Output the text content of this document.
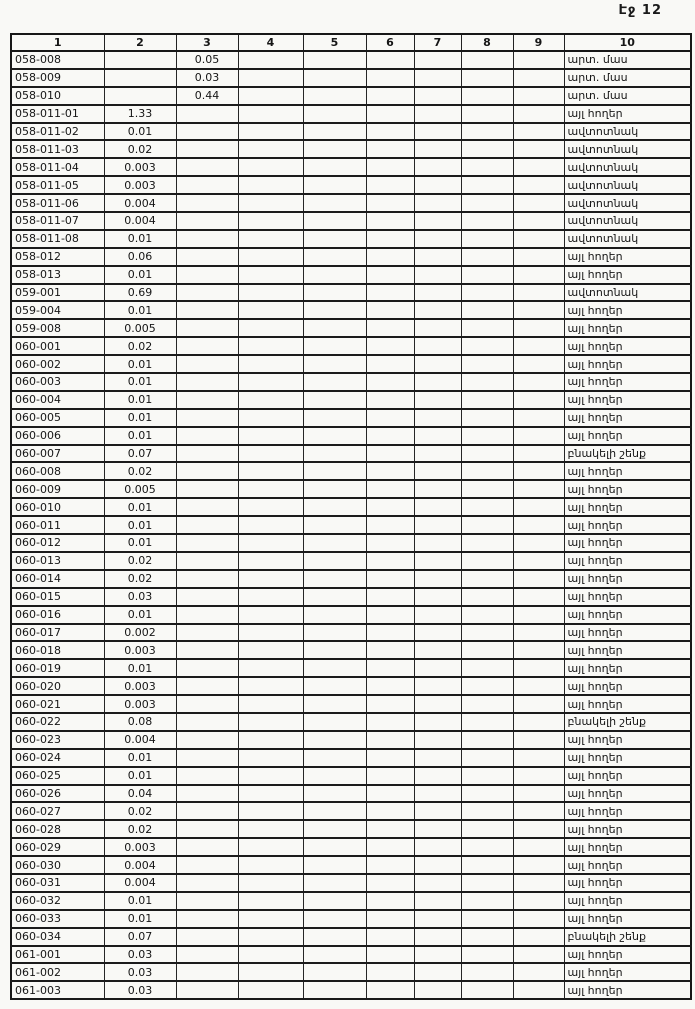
Էջ 12
1	2	3	4	5	6	7	8	9	10
058-008		0.05							արտ. մաս
058-009		0.03							արտ. մաս
058-010		0.44							արտ. մաս
058-011-01	1.33								այլ հողեր
058-011-02	0.01								ավտոտնակ
058-011-03	0.02								ավտոտնակ
058-011-04	0.003								ավտոտնակ
058-011-05	0.003								ավտոտնակ
058-011-06	0.004								ավտոտնակ
058-011-07	0.004								ավտոտնակ
058-011-08	0.01								ավտոտնակ
058-012	0.06								այլ հողեր
058-013	0.01								այլ հողեր
059-001	0.69								ավտոտնակ
059-004	0.01								այլ հողեր
059-008	0.005								այլ հողեր
060-001	0.02								այլ հողեր
060-002	0.01								այլ հողեր
060-003	0.01								այլ հողեր
060-004	0.01								այլ հողեր
060-005	0.01								այլ հողեր
060-006	0.01								այլ հողեր
060-007	0.07								բնակելի շենք
060-008	0.02								այլ հողեր
060-009	0.005								այլ հողեր
060-010	0.01								այլ հողեր
060-011	0.01								այլ հողեր
060-012	0.01								այլ հողեր
060-013	0.02								այլ հողեր
060-014	0.02								այլ հողեր
060-015	0.03								այլ հողեր
060-016	0.01								այլ հողեր
060-017	0.002								այլ հողեր
060-018	0.003								այլ հողեր
060-019	0.01								այլ հողեր
060-020	0.003								այլ հողեր
060-021	0.003								այլ հողեր
060-022	0.08								բնակելի շենք
060-023	0.004								այլ հողեր
060-024	0.01								այլ հողեր
060-025	0.01								այլ հողեր
060-026	0.04								այլ հողեր
060-027	0.02								այլ հողեր
060-028	0.02								այլ հողեր
060-029	0.003								այլ հողեր
060-030	0.004								այլ հողեր
060-031	0.004								այլ հողեր
060-032	0.01								այլ հողեր
060-033	0.01								այլ հողեր
060-034	0.07								բնակելի շենք
061-001	0.03								այլ հողեր
061-002	0.03								այլ հողեր
061-003	0.03								այլ հողեր
